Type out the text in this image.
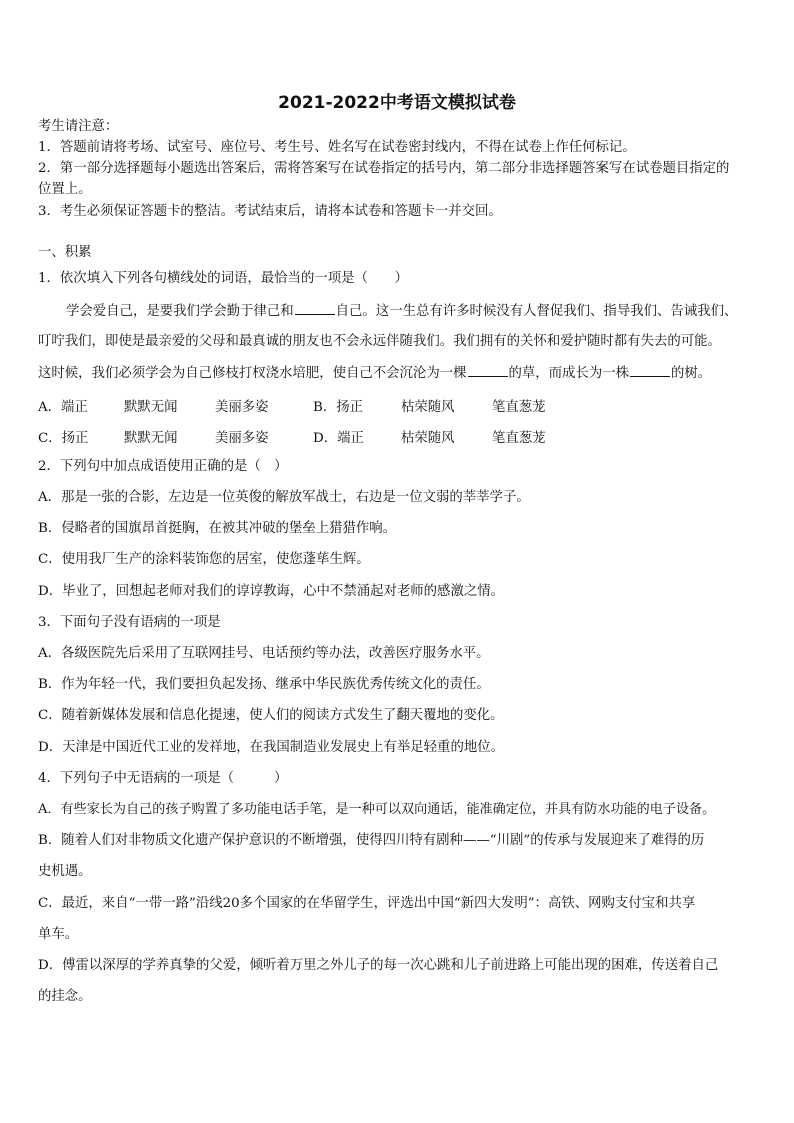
2021-2022中考语文模拟试卷
考生请注意：
1．答题前请将考场、试室号、座位号、考生号、姓名写在试卷密封线内，不得在试卷上作任何标记。
2．第一部分选择题每小题选出答案后，需将答案写在试卷指定的括号内，第二部分非选择题答案写在试卷题目指定的
位置上。
3．考生必须保证答题卡的整洁。考试结束后，请将本试卷和答题卡一并交回。
一、积累
1．依次填入下列各句横线处的词语，最恰当的一项是（　　）
学会爱自己，是要我们学会勤于律己和	自己。这一生总有许多时候没有人督促我们、指导我们、告诫我们、
叮咛我们，即使是最亲爱的父母和最真诚的朋友也不会永远伴随我们。我们拥有的关怀和爱护随时都有失去的可能。
这时候，我们必须学会为自己修枝打杈浇水培肥，使自己不会沉沦为一棵	的草，而成长为一株	的树。
A．端正	默默无闻	美丽多姿	B．扬正	枯荣随风	笔直葱茏
C．扬正	默默无闻	美丽多姿	D．端正	枯荣随风	笔直葱茏
2．下列句中加点成语使用正确的是（　）
A．那是一张的合影，左边是一位英俊的解放军战士，右边是一位文弱的莘莘学子。
B．侵略者的国旗昂首挺胸，在被其冲破的堡垒上猎猎作响。
C．使用我厂生产的涂料装饰您的居室，使您蓬荜生辉。
D．毕业了，回想起老师对我们的谆谆教诲，心中不禁涌起对老师的感激之情。
3．下面句子没有语病的一项是
A．各级医院先后采用了互联网挂号、电话预约等办法，改善医疗服务水平。
B．作为年轻一代，我们要担负起发扬、继承中华民族优秀传统文化的责任。
C．随着新媒体发展和信息化提速，使人们的阅读方式发生了翻天覆地的变化。
D．天津是中国近代工业的发祥地，在我国制造业发展史上有举足轻重的地位。
4．下列句子中无语病的一项是（　　　）
A．有些家长为自己的孩子购置了多功能电话手笔，是一种可以双向通话，能准确定位，并具有防水功能的电子设备。
B．随着人们对非物质文化遗产保护意识的不断增强，使得四川特有剧种——“川剧”的传承与发展迎来了难得的历
史机遇。
C．最近，来自“一带一路”沿线20多个国家的在华留学生，评选出中国“新四大发明”：高铁、网购支付宝和共享
单车。
D．傅雷以深厚的学养真挚的父爱，倾听着万里之外儿子的每一次心跳和儿子前进路上可能出现的困难，传送着自己
的挂念。
